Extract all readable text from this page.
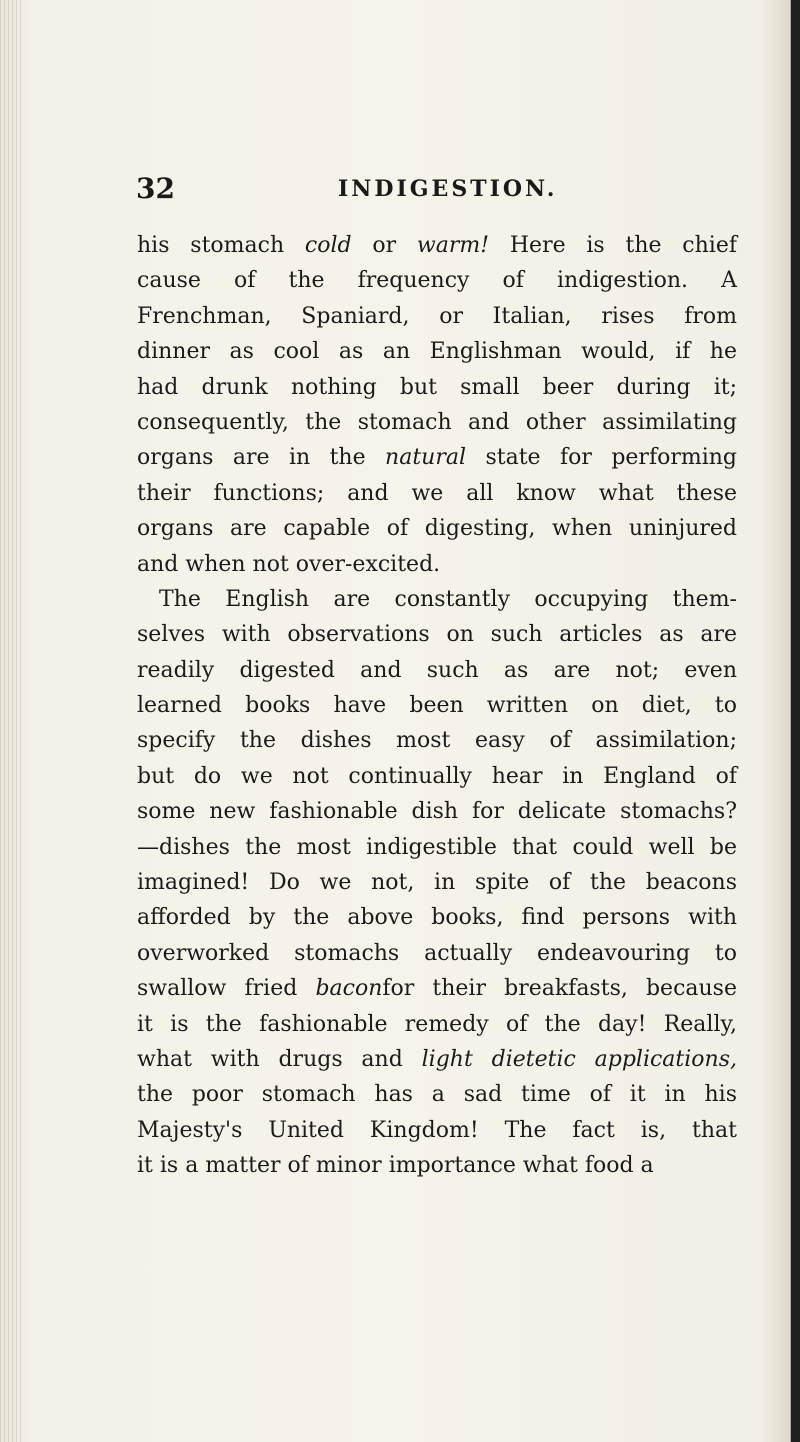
32	INDIGESTION.
his stomach cold or warm! Here is the chief
cause of the frequency of indigestion. A
Frenchman, Spaniard, or Italian, rises from
dinner as cool as an Englishman would, if he
had drunk nothing but small beer during it;
consequently, the stomach and other assimilating
organs are in the natural state for performing
their functions; and we all know what these
organs are capable of digesting, when uninjured
and when not over-excited.
The English are constantly occupying them-
selves with observations on such articles as are
readily digested and such as are not; even
learned books have been written on diet, to
specify the dishes most easy of assimilation;
but do we not continually hear in England of
some new fashionable dish for delicate stomachs?
—dishes the most indigestible that could well be
imagined! Do we not, in spite of the beacons
afforded by the above books, find persons with
overworked stomachs actually endeavouring to
swallow fried baconfor their breakfasts, because
it is the fashionable remedy of the day! Really,
what with drugs and light dietetic applications,
the poor stomach has a sad time of it in his
Majesty's United Kingdom! The fact is, that
it is a matter of minor importance what food a
